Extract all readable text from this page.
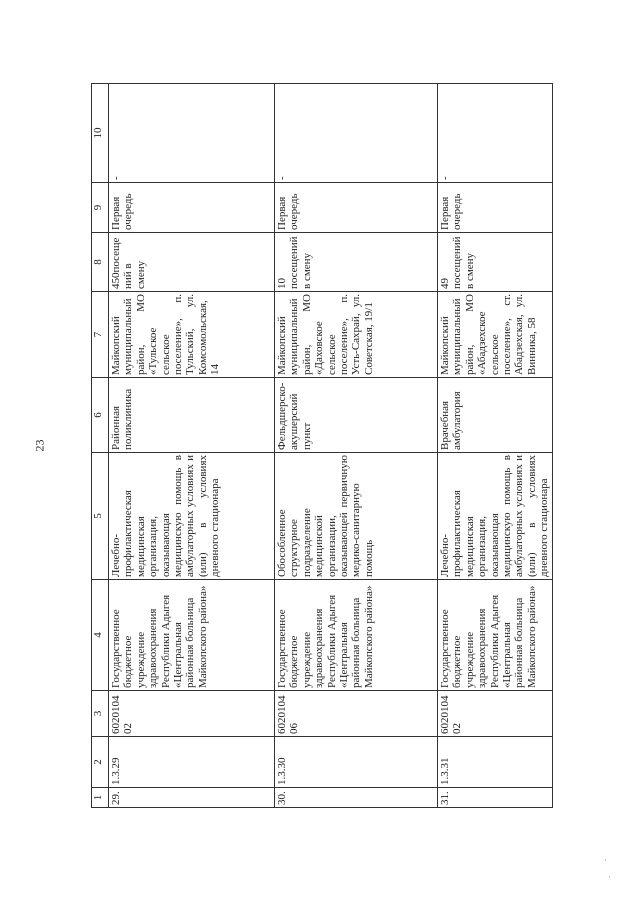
23
1	2	3	4	5	6	7	8	9	10
29.	1.3.29	602010402	Государственное бюджетное учреждение здравоохранения Республики Адыгея «Центральная районная больница Майкопского района»	Лечебно-профилактическая медицинская организация, оказывающая медицинскую помощь в амбулаторных условиях и (или) в условиях дневного стационара	Районная поликлиника	Майкопский муниципальный район, МО «Тульское сельское поселение», п. Тульский, ул. Комсомольская, 14	450посещений в смену	Первая очередь	-
30.	1.3.30	602010406	Государственное бюджетное учреждение здравоохранения Республики Адыгея «Центральная районная больница Майкопского района»	Обособленное структурное подразделение медицинской организации, оказывающей первичную медико-санитарную помощь	Фельдшерско-акушерский пункт	Майкопский муниципальный район, МО «Даховское сельское поселение», п. Усть-Сахрай, ул. Советская, 19/1	10 посещений в смену	Первая очередь	-
31.	1.3.31	602010402	Государственное бюджетное учреждение здравоохранения Республики Адыгея «Центральная районная больница Майкопского района»	Лечебно-профилактическая медицинская организация, оказывающая медицинскую помощь в амбулаторных условиях и (или) в условиях дневного стационара	Врачебная амбулатория	Майкопский муниципальный район, МО «Абадзехское сельское поселение», ст. Абадзехская, ул. Винника, 58	49 посещений в смену	Первая очередь	-
·
·
